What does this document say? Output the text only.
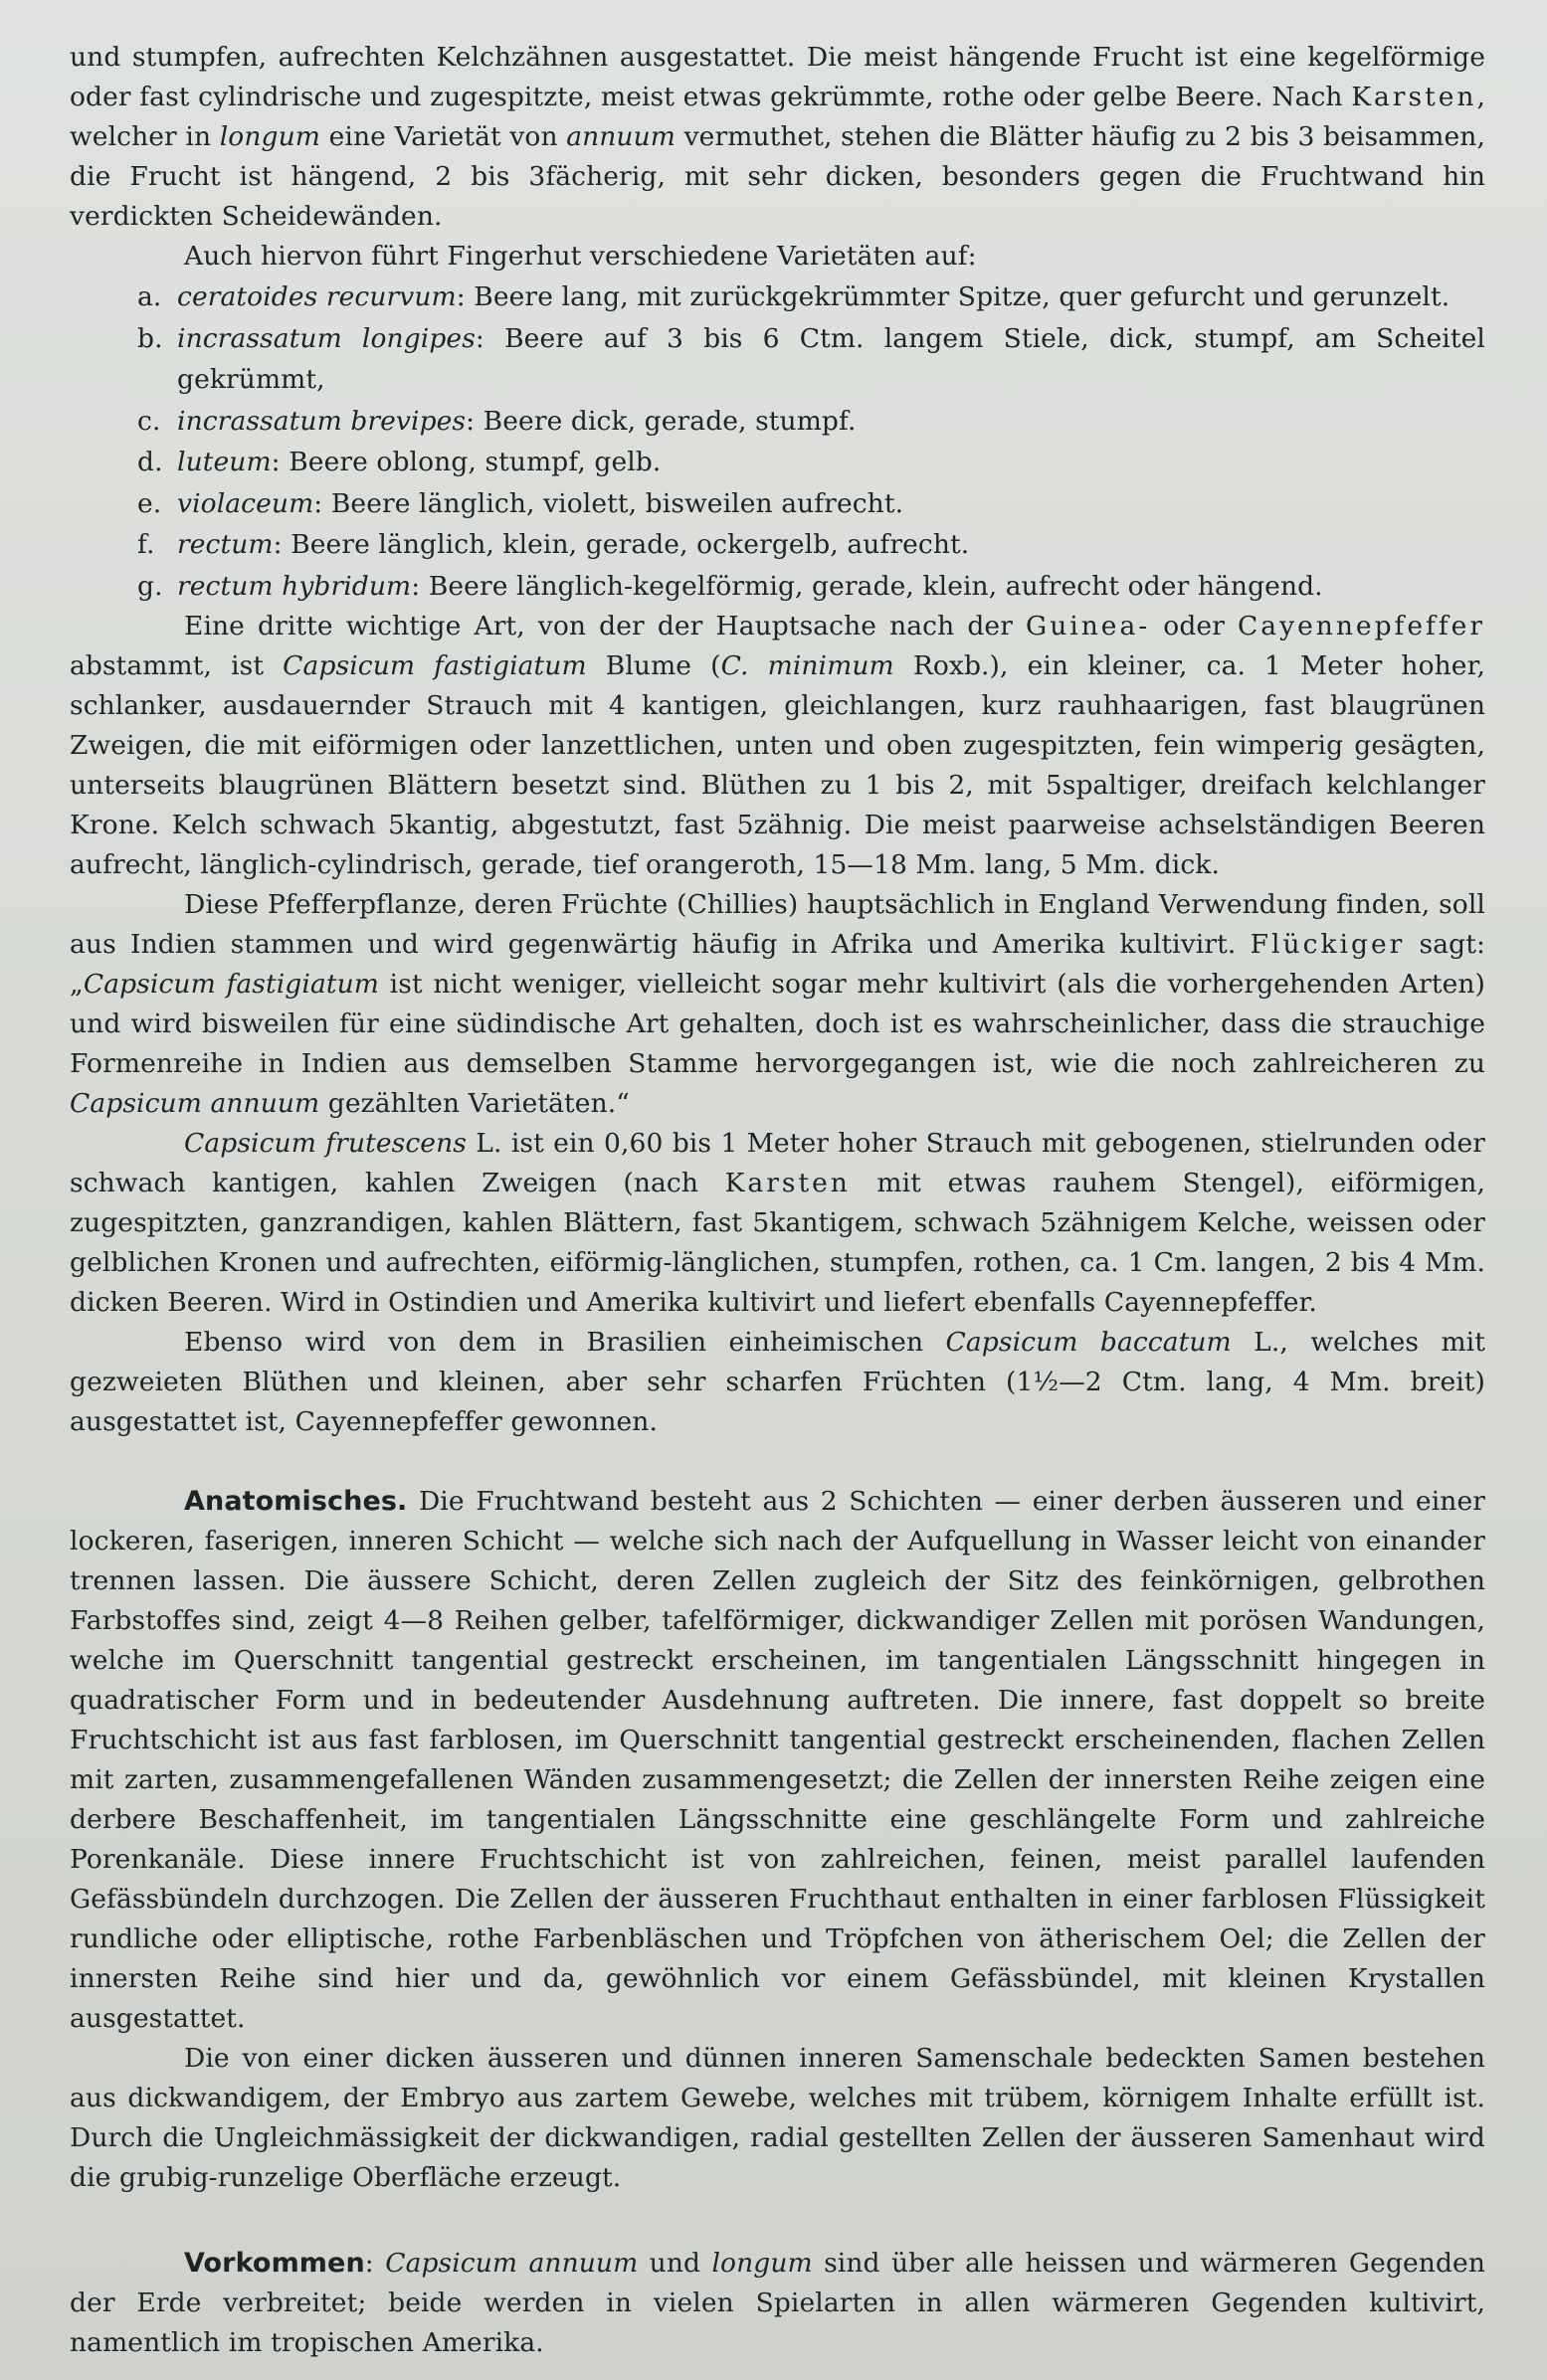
und stumpfen, aufrechten Kelchzähnen ausgestattet. Die meist hängende Frucht ist eine kegelförmige oder fast cylindrische und zugespitzte, meist etwas gekrümmte, rothe oder gelbe Beere. Nach Karsten, welcher in longum eine Varietät von annuum vermuthet, stehen die Blätter häufig zu 2 bis 3 beisammen, die Frucht ist hängend, 2 bis 3fächerig, mit sehr dicken, besonders gegen die Fruchtwand hin verdickten Scheidewänden.

Auch hiervon führt Fingerhut verschiedene Varietäten auf:

a. ceratoides recurvum: Beere lang, mit zurückgekrümmter Spitze, quer gefurcht und gerunzelt.

b. incrassatum longipes: Beere auf 3 bis 6 Ctm. langem Stiele, dick, stumpf, am Scheitel gekrümmt,

c. incrassatum brevipes: Beere dick, gerade, stumpf.

d. luteum: Beere oblong, stumpf, gelb.

e. violaceum: Beere länglich, violett, bisweilen aufrecht.

f. rectum: Beere länglich, klein, gerade, ockergelb, aufrecht.

g. rectum hybridum: Beere länglich-kegelförmig, gerade, klein, aufrecht oder hängend.

Eine dritte wichtige Art, von der der Hauptsache nach der Guinea- oder Cayennepfeffer abstammt, ist Capsicum fastigiatum Blume (C. minimum Roxb.), ein kleiner, ca. 1 Meter hoher, schlanker, ausdauernder Strauch mit 4 kantigen, gleichlangen, kurz rauhhaarigen, fast blaugrünen Zweigen, die mit eiförmigen oder lanzettlichen, unten und oben zugespitzten, fein wimperig gesägten, unterseits blaugrünen Blättern besetzt sind. Blüthen zu 1 bis 2, mit 5spaltiger, dreifach kelchlanger Krone. Kelch schwach 5kantig, abgestutzt, fast 5zähnig. Die meist paarweise achselständigen Beeren aufrecht, länglich-cylindrisch, gerade, tief orangeroth, 15—18 Mm. lang, 5 Mm. dick.

Diese Pfefferpflanze, deren Früchte (Chillies) hauptsächlich in England Verwendung finden, soll aus Indien stammen und wird gegenwärtig häufig in Afrika und Amerika kultivirt. Flückiger sagt: „Capsicum fastigiatum ist nicht weniger, vielleicht sogar mehr kultivirt (als die vorhergehenden Arten) und wird bisweilen für eine südindische Art gehalten, doch ist es wahrscheinlicher, dass die strauchige Formenreihe in Indien aus demselben Stamme hervorgegangen ist, wie die noch zahlreicheren zu Capsicum annuum gezählten Varietäten.“

Capsicum frutescens L. ist ein 0,60 bis 1 Meter hoher Strauch mit gebogenen, stielrunden oder schwach kantigen, kahlen Zweigen (nach Karsten mit etwas rauhem Stengel), eiförmigen, zugespitzten, ganzrandigen, kahlen Blättern, fast 5kantigem, schwach 5zähnigem Kelche, weissen oder gelblichen Kronen und aufrechten, eiförmig-länglichen, stumpfen, rothen, ca. 1 Cm. langen, 2 bis 4 Mm. dicken Beeren. Wird in Ostindien und Amerika kultivirt und liefert ebenfalls Cayennepfeffer.

Ebenso wird von dem in Brasilien einheimischen Capsicum baccatum L., welches mit gezweieten Blüthen und kleinen, aber sehr scharfen Früchten (1½—2 Ctm. lang, 4 Mm. breit) ausgestattet ist, Cayennepfeffer gewonnen.

Anatomisches. Die Fruchtwand besteht aus 2 Schichten — einer derben äusseren und einer lockeren, faserigen, inneren Schicht — welche sich nach der Aufquellung in Wasser leicht von einander trennen lassen. Die äussere Schicht, deren Zellen zugleich der Sitz des feinkörnigen, gelbrothen Farbstoffes sind, zeigt 4—8 Reihen gelber, tafelförmiger, dickwandiger Zellen mit porösen Wandungen, welche im Querschnitt tangential gestreckt erscheinen, im tangentialen Längsschnitt hingegen in quadratischer Form und in bedeutender Ausdehnung auftreten. Die innere, fast doppelt so breite Fruchtschicht ist aus fast farblosen, im Querschnitt tangential gestreckt erscheinenden, flachen Zellen mit zarten, zusammengefallenen Wänden zusammengesetzt; die Zellen der innersten Reihe zeigen eine derbere Beschaffenheit, im tangentialen Längsschnitte eine geschlängelte Form und zahlreiche Porenkanäle. Diese innere Fruchtschicht ist von zahlreichen, feinen, meist parallel laufenden Gefässbündeln durchzogen. Die Zellen der äusseren Fruchthaut enthalten in einer farblosen Flüssigkeit rundliche oder elliptische, rothe Farbenbläschen und Tröpfchen von ätherischem Oel; die Zellen der innersten Reihe sind hier und da, gewöhnlich vor einem Gefässbündel, mit kleinen Krystallen ausgestattet.

Die von einer dicken äusseren und dünnen inneren Samenschale bedeckten Samen bestehen aus dickwandigem, der Embryo aus zartem Gewebe, welches mit trübem, körnigem Inhalte erfüllt ist. Durch die Ungleichmässigkeit der dickwandigen, radial gestellten Zellen der äusseren Samenhaut wird die grubig-runzelige Oberfläche erzeugt.

Vorkommen: Capsicum annuum und longum sind über alle heissen und wärmeren Gegenden der Erde verbreitet; beide werden in vielen Spielarten in allen wärmeren Gegenden kultivirt, namentlich im tropischen Amerika.
